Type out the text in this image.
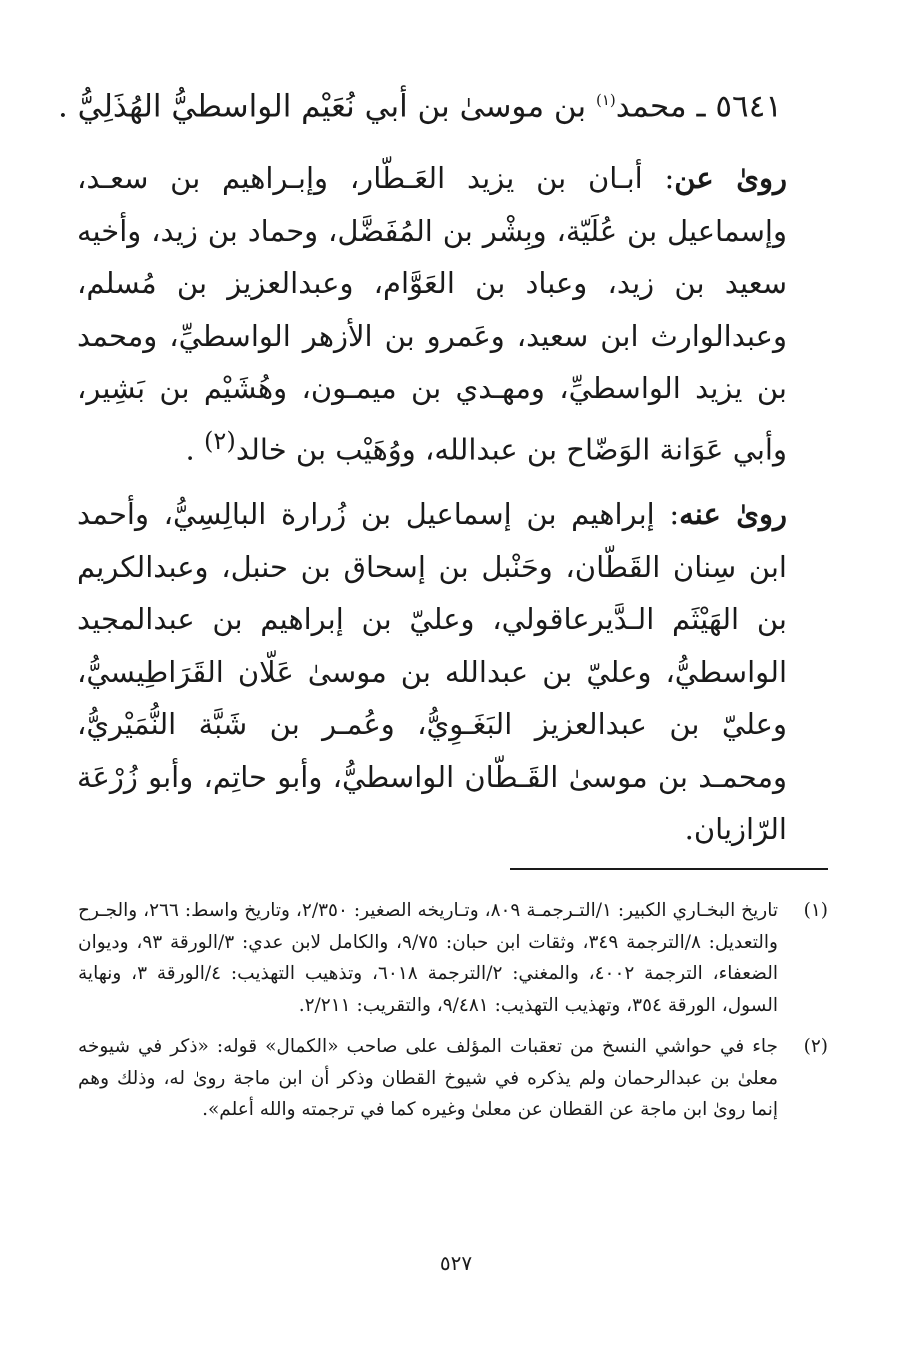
٥٦٤١ ـ محمد$^{(١)}$ بن موسىٰ بن أبي نُعَيْم الواسطيُّ الهُذَلِيُّ .
روىٰ عن: أبـان بن يزيد العَـطّار، وإبـراهيم بن سعـد، وإسماعيل بن عُلَيّة، وبِشْر بن المُفَضَّل، وحماد بن زيد، وأخيه سعيد بن زيد، وعباد بن العَوَّام، وعبدالعزيز بن مُسلم، وعبدالوارث ابن سعيد، وعَمرو بن الأزهر الواسطيِّ، ومحمد بن يزيد الواسطيِّ، ومهـدي بن ميمـون، وهُشَيْم بن بَشِير، وأبي عَوَانة الوَضّاح بن عبدالله، ووُهَيْب بن خالد$^{(٢)}$ .
روىٰ عنه: إبراهيم بن إسماعيل بن زُرارة البالِسِيُّ، وأحمد ابن سِنان القَطّان، وحَنْبل بن إسحاق بن حنبل، وعبدالكريم بن الهَيْثَم الـدَّيرعاقولي، وعليّ بن إبراهيم بن عبدالمجيد الواسطيُّ، وعليّ بن عبدالله بن موسىٰ عَلّان القَرَاطِيسيُّ، وعليّ بن عبدالعزيز البَغَـوِيُّ، وعُمـر بن شَبَّة النُّمَيْريُّ، ومحمـد بن موسىٰ القَـطّان الواسطيُّ، وأبو حاتِم، وأبو زُرْعَة الرّازيان.
(١)
تاريخ البخـاري الكبير: ١/التـرجمـة ٨٠٩، وتـاريخه الصغير: ٢/٣٥٠، وتاريخ واسط: ٢٦٦، والجـرح والتعديل: ٨/الترجمة ٣٤٩، وثقات ابن حبان: ٩/٧٥، والكامل لابن عدي: ٣/الورقة ٩٣، وديوان الضعفاء، الترجمة ٤٠٠٢، والمغني: ٢/الترجمة ٦٠١٨، وتذهيب التهذيب: ٤/الورقة ٣، ونهاية السول، الورقة ٣٥٤، وتهذيب التهذيب: ٩/٤٨١، والتقريب: ٢/٢١١.
(٢)
جاء في حواشي النسخ من تعقبات المؤلف على صاحب «الكمال» قوله: «ذكر في شيوخه معلىٰ بن عبدالرحمان ولم يذكره في شيوخ القطان وذكر أن ابن ماجة روىٰ له، وذلك وهم إنما روىٰ ابن ماجة عن القطان عن معلىٰ وغيره كما في ترجمته والله أعلم».
٥٢٧
